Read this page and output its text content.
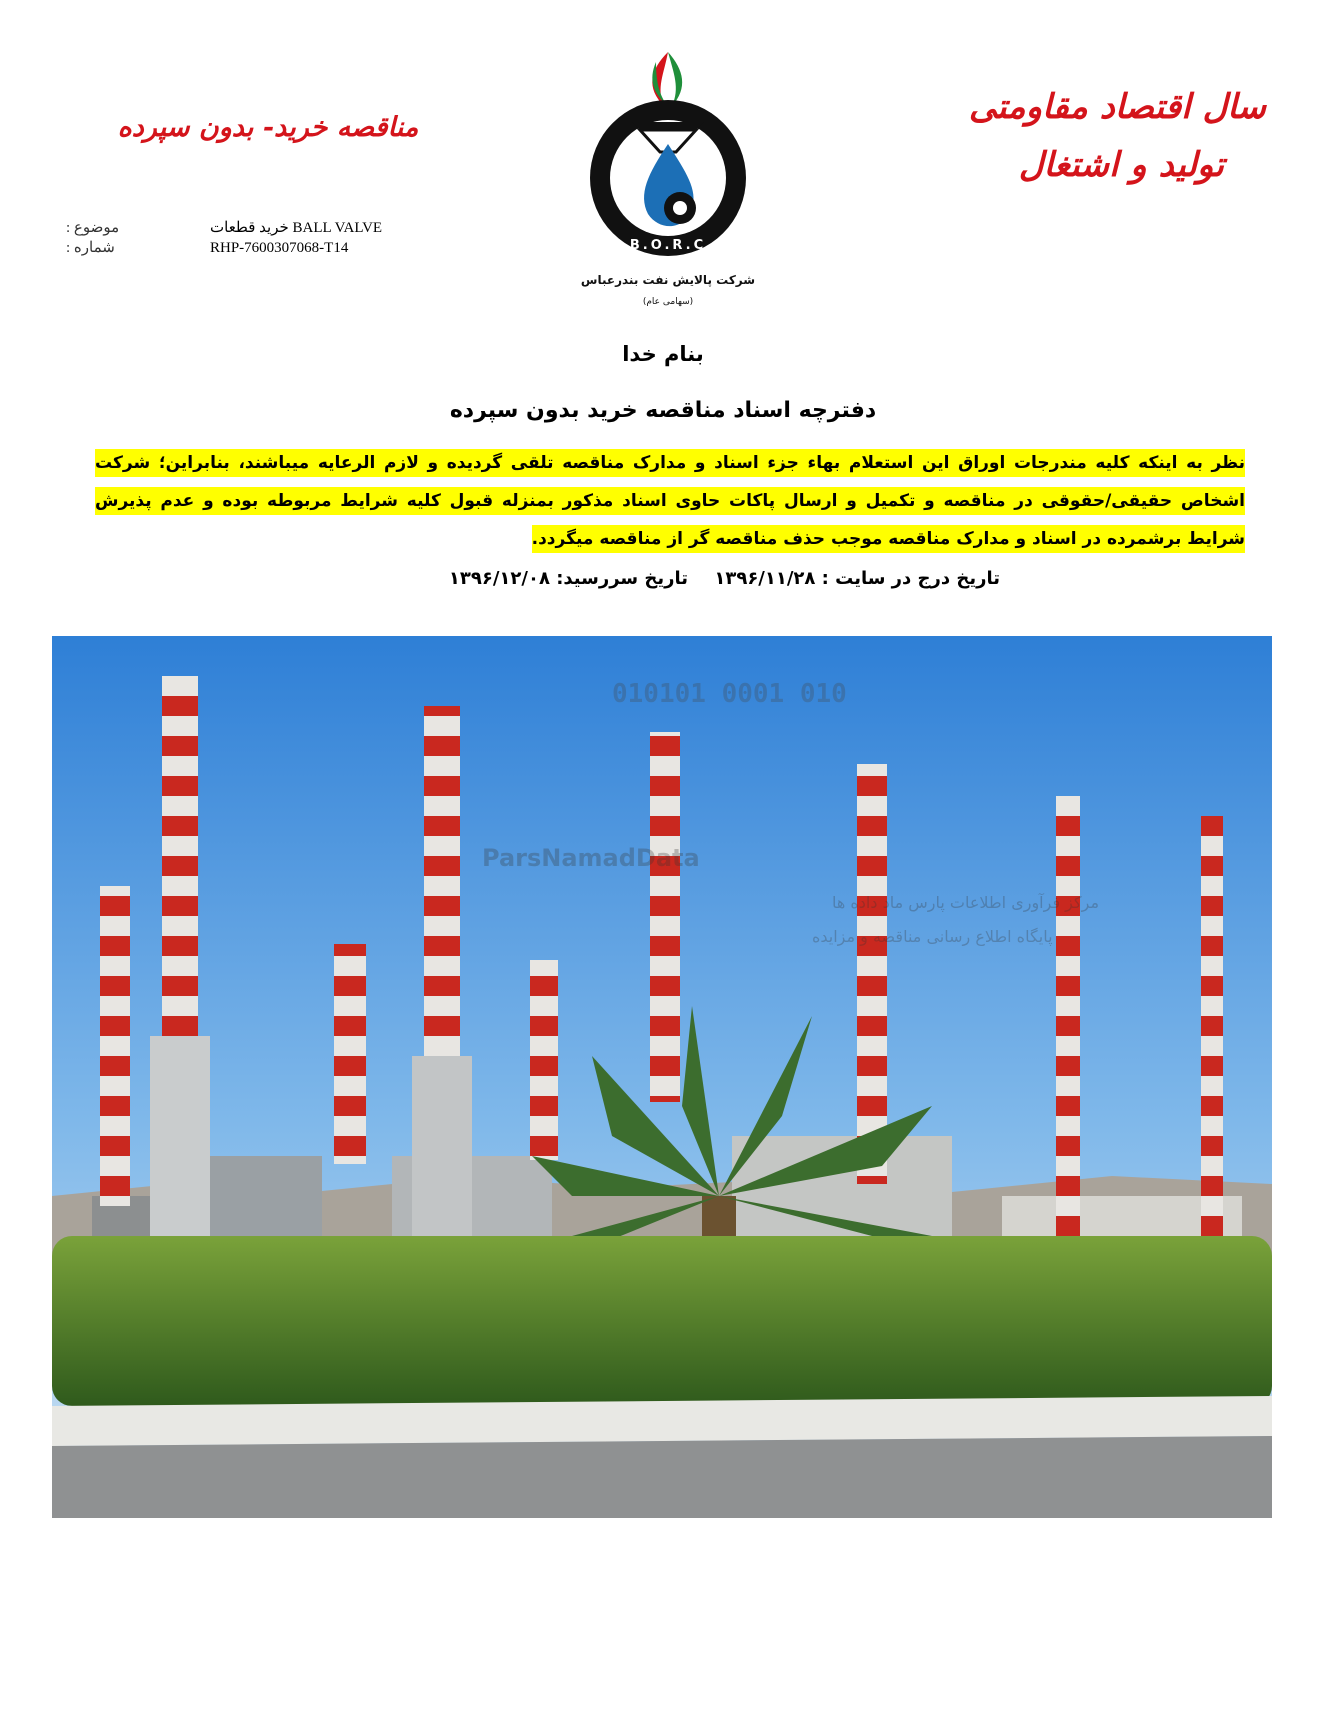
سال اقتصاد مقاومتی
تولید و اشتغال
مناقصه خرید- بدون سپرده
موضوع :	خرید قطعات BALL VALVE
شماره :	RHP-7600307068-T14	B.O.R.C
شرکت پالایش نفت بندرعباس
(سهامی عام)
بنام خدا
دفترچه اسناد مناقصه خرید بدون سپرده
نظر به اینکه کلیه مندرجات اوراق این استعلام بهاء جزء اسناد و مدارک مناقصه تلقی گردیده و لازم الرعایه میباشند، بنابراین؛ شرکت اشخاص حقیقی/حقوقی در مناقصه و تکمیل و ارسال پاکات حاوی اسناد مذکور بمنزله قبول کلیه شرایط مربوطه بوده و عدم پذیرش شرایط برشمرده در اسناد و مدارک مناقصه موجب حذف مناقصه گر از مناقصه میگردد.
تاریخ درج در سایت : ۱۳۹۶/۱۱/۲۸
تاریخ سررسید: ۱۳۹۶/۱۲/۰۸
010101 0001 010
ParsNamadData
مرکز فرآوری اطلاعات پارس ماد داده ها
پایگاه اطلاع رسانی مناقصه و مزایده
